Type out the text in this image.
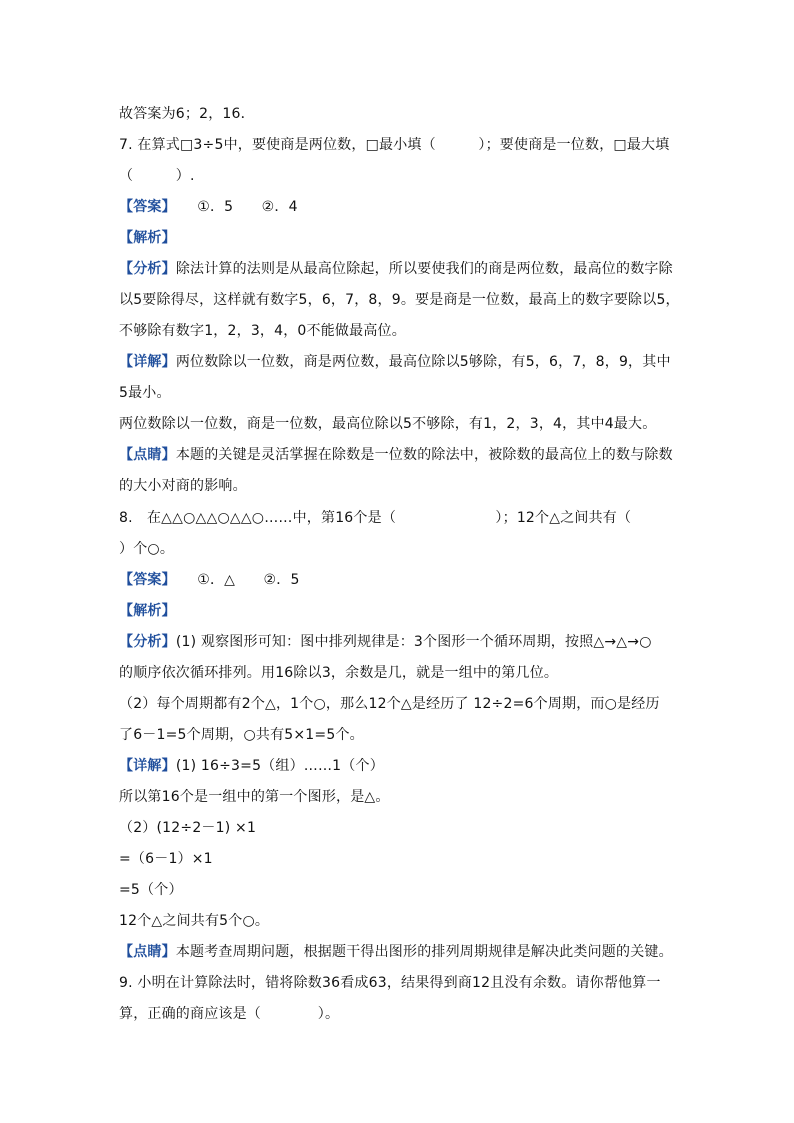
故答案为6；2，16．
7. 在算式□3÷5中，要使商是两位数，□最小填（　　　）；要使商是一位数，□最大填
（　　　）.
【答案】　　①．5　　②．4
【解析】
【分析】除法计算的法则是从最高位除起，所以要使我们的商是两位数，最高位的数字除
以5要除得尽，这样就有数字5，6，7，8，9。要是商是一位数，最高上的数字要除以5，
不够除有数字1，2，3，4，0不能做最高位。
【详解】两位数除以一位数，商是两位数，最高位除以5够除，有5，6，7，8，9，其中
5最小。
两位数除以一位数，商是一位数，最高位除以5不够除，有1，2，3，4，其中4最大。
【点睛】本题的关键是灵活掌握在除数是一位数的除法中，被除数的最高位上的数与除数
的大小对商的影响。
8.　在△△○△△○△△○……中，第16个是（　　　　　　　）；12个△之间共有（
）个○。
【答案】　　①．△　　②．5
【解析】
【分析】(1) 观察图形可知：图中排列规律是：3个图形一个循环周期，按照△→△→○
的顺序依次循环排列。用16除以3，余数是几，就是一组中的第几位。
（2）每个周期都有2个△，1个○，那么12个△是经历了 12÷2=6个周期，而○是经历
了6－1=5个周期，○共有5×1=5个。
【详解】(1) 16÷3=5（组）……1（个）
所以第16个是一组中的第一个图形，是△。
（2）(12÷2－1) ×1
=（6－1）×1
=5（个）
12个△之间共有5个○。
【点睛】本题考查周期问题，根据题干得出图形的排列周期规律是解决此类问题的关键。
9. 小明在计算除法时，错将除数36看成63，结果得到商12且没有余数。请你帮他算一
算，正确的商应该是（　　　　）。
